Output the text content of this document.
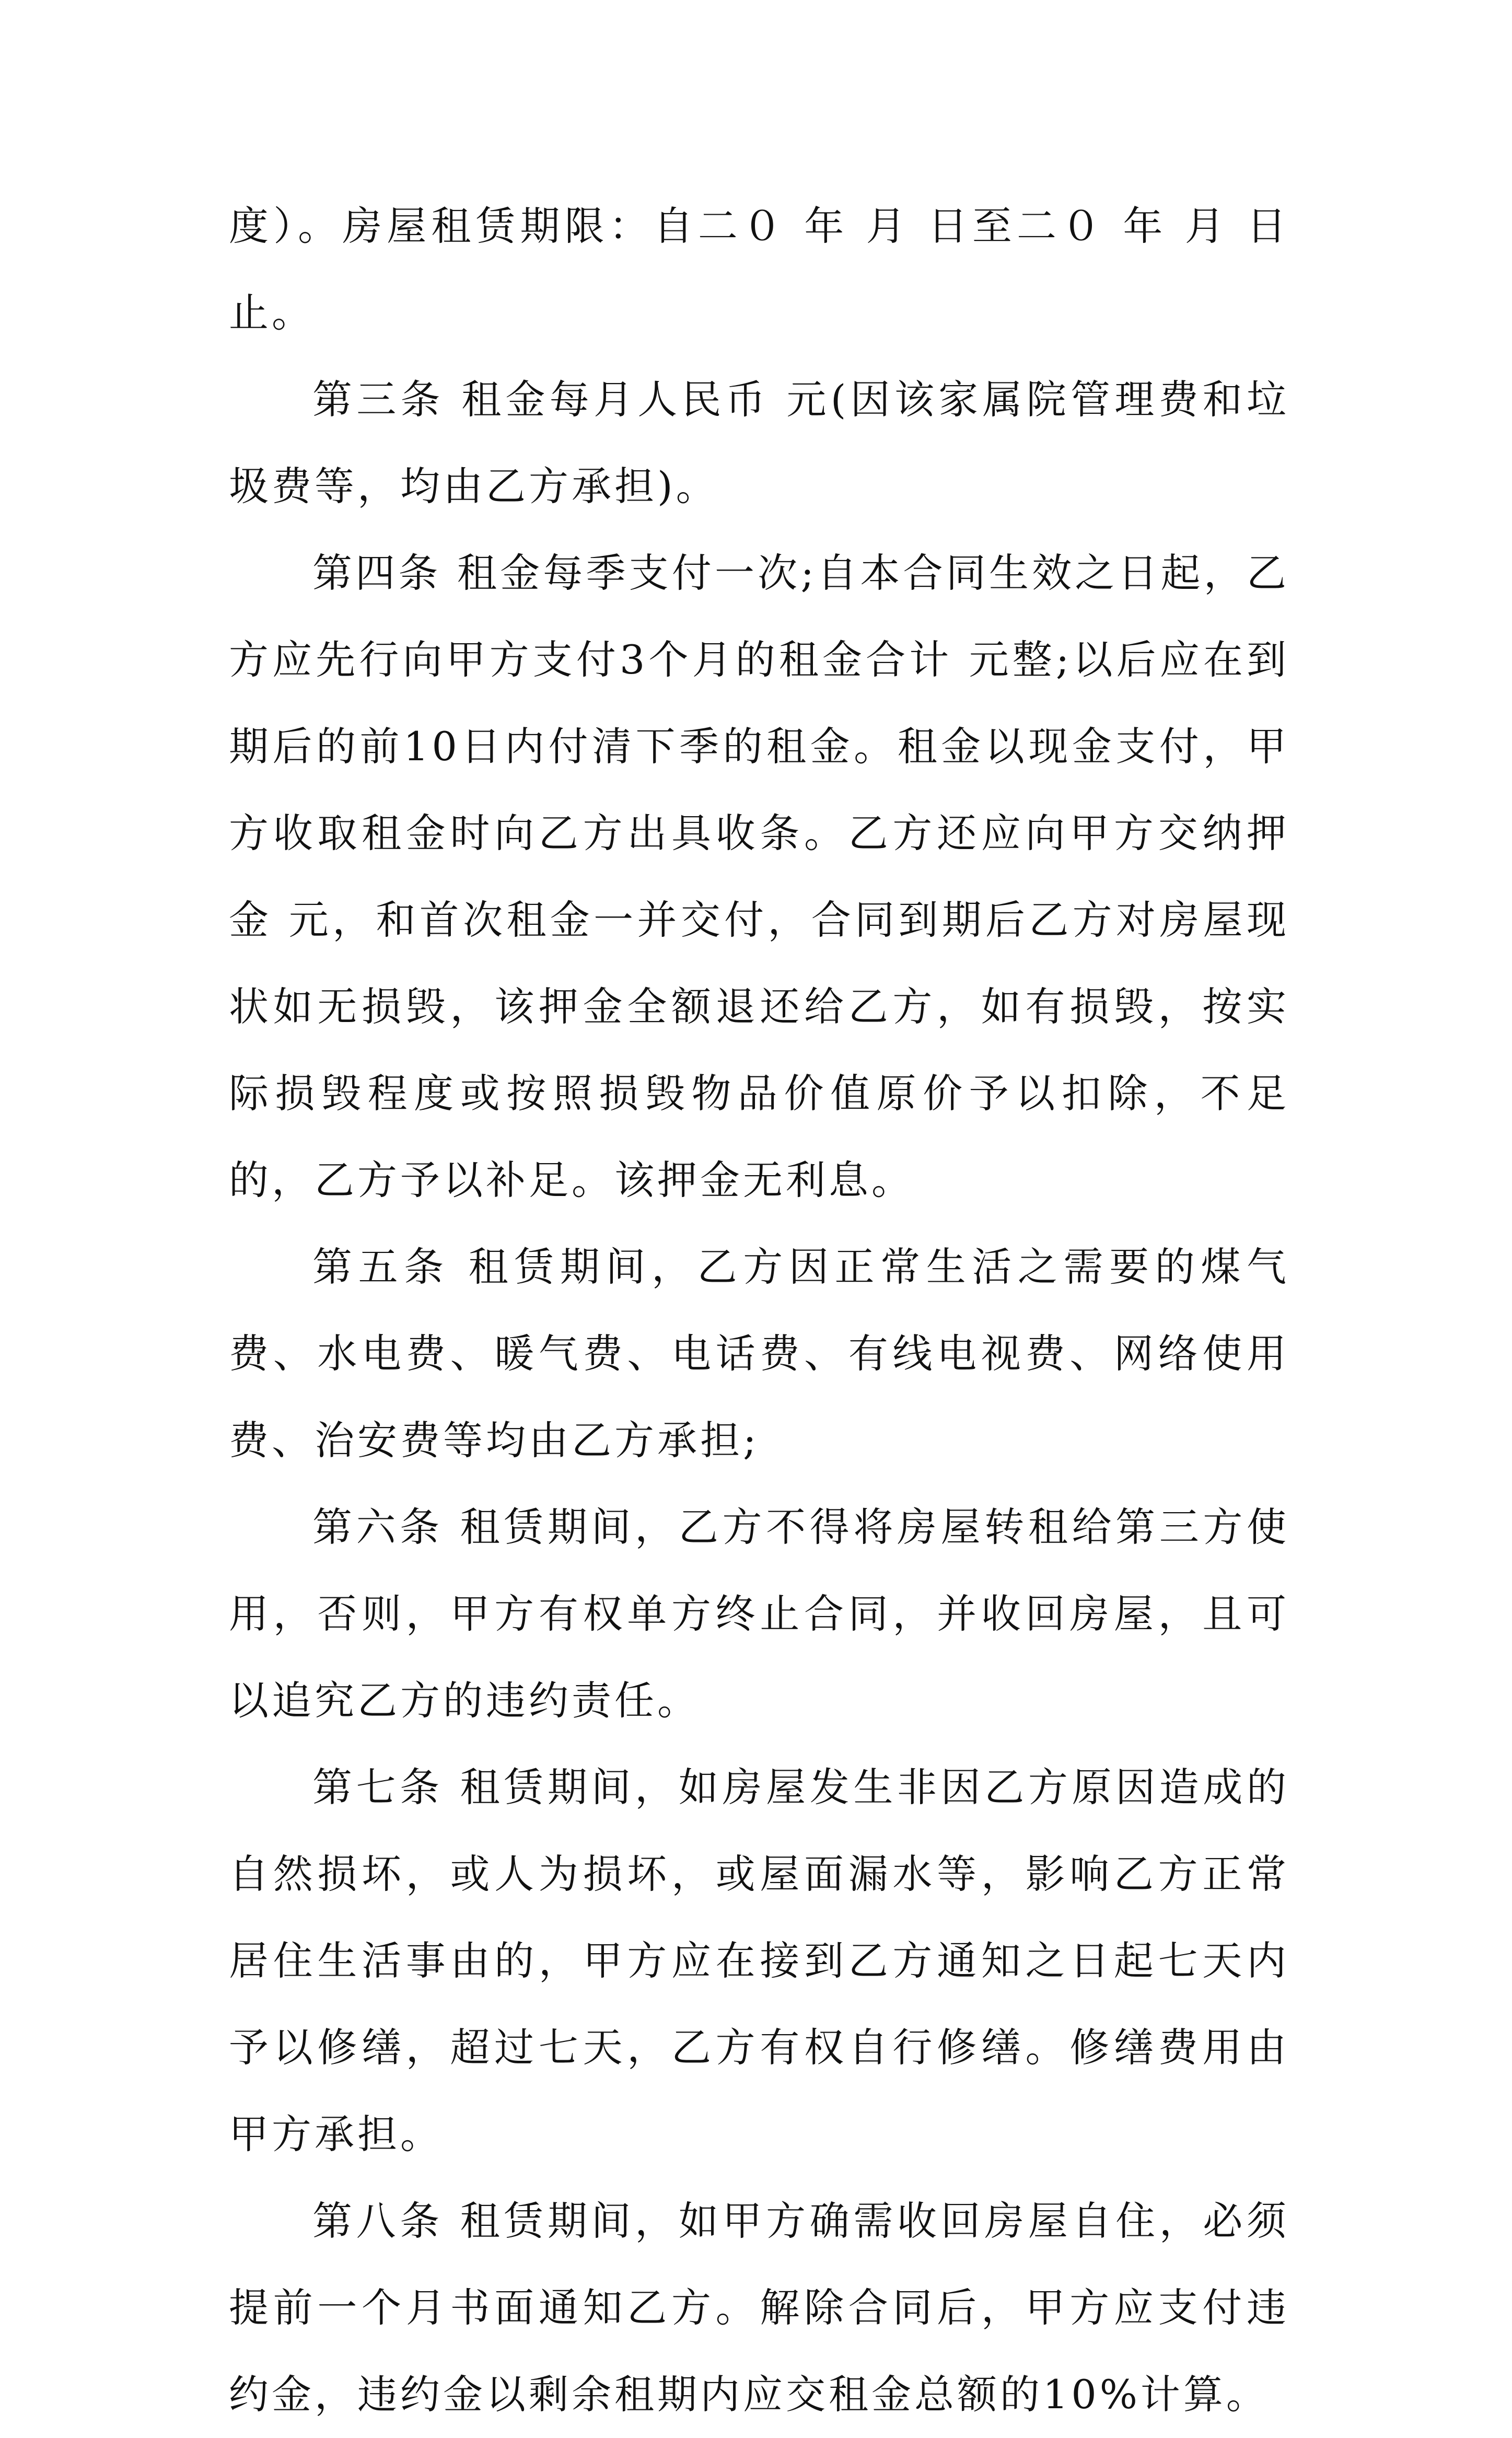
度）。房屋租赁期限：自二０ 年 月 日至二０ 年 月 日止。

第三条 租金每月人民币 元(因该家属院管理费和垃圾费等，均由乙方承担)。

第四条 租金每季支付一次;自本合同生效之日起，乙方应先行向甲方支付3个月的租金合计 元整;以后应在到期后的前10日内付清下季的租金。租金以现金支付，甲方收取租金时向乙方出具收条。乙方还应向甲方交纳押金 元，和首次租金一并交付，合同到期后乙方对房屋现状如无损毁，该押金全额退还给乙方，如有损毁，按实际损毁程度或按照损毁物品价值原价予以扣除，不足的，乙方予以补足。该押金无利息。

第五条 租赁期间，乙方因正常生活之需要的煤气费、水电费、暖气费、电话费、有线电视费、网络使用费、治安费等均由乙方承担;

第六条 租赁期间，乙方不得将房屋转租给第三方使用，否则，甲方有权单方终止合同，并收回房屋，且可以追究乙方的违约责任。

第七条 租赁期间，如房屋发生非因乙方原因造成的自然损坏，或人为损坏，或屋面漏水等，影响乙方正常居住生活事由的，甲方应在接到乙方通知之日起七天内予以修缮，超过七天，乙方有权自行修缮。修缮费用由甲方承担。

第八条 租赁期间，如甲方确需收回房屋自住，必须提前一个月书面通知乙方。解除合同后，甲方应支付违约金，违约金以剩余租期内应交租金总额的10%计算。
